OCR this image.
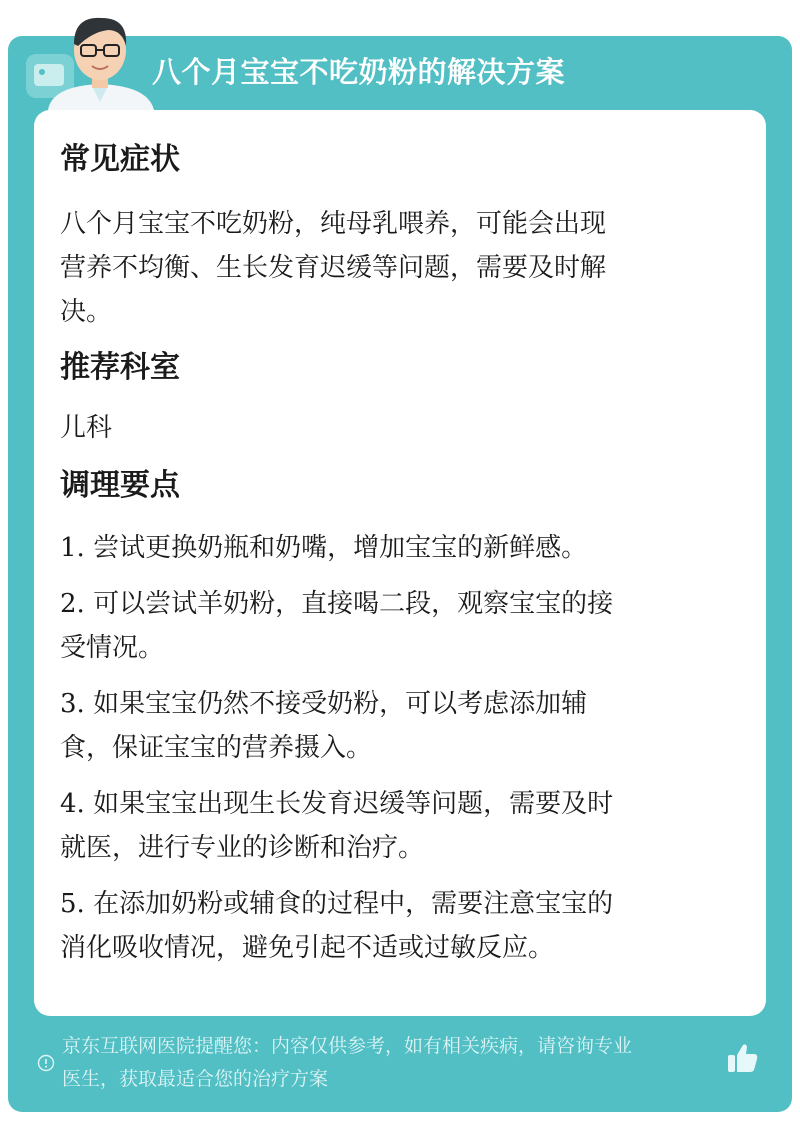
八个月宝宝不吃奶粉的解决方案
常见症状
八个月宝宝不吃奶粉，纯母乳喂养，可能会出现
营养不均衡、生长发育迟缓等问题，需要及时解
决。
推荐科室
儿科
调理要点
1. 尝试更换奶瓶和奶嘴，增加宝宝的新鲜感。
2. 可以尝试羊奶粉，直接喝二段，观察宝宝的接
受情况。
3. 如果宝宝仍然不接受奶粉，可以考虑添加辅
食，保证宝宝的营养摄入。
4. 如果宝宝出现生长发育迟缓等问题，需要及时
就医，进行专业的诊断和治疗。
5. 在添加奶粉或辅食的过程中，需要注意宝宝的
消化吸收情况，避免引起不适或过敏反应。
京东互联网医院提醒您：内容仅供参考，如有相关疾病，请咨询专业
医生，获取最适合您的治疗方案
